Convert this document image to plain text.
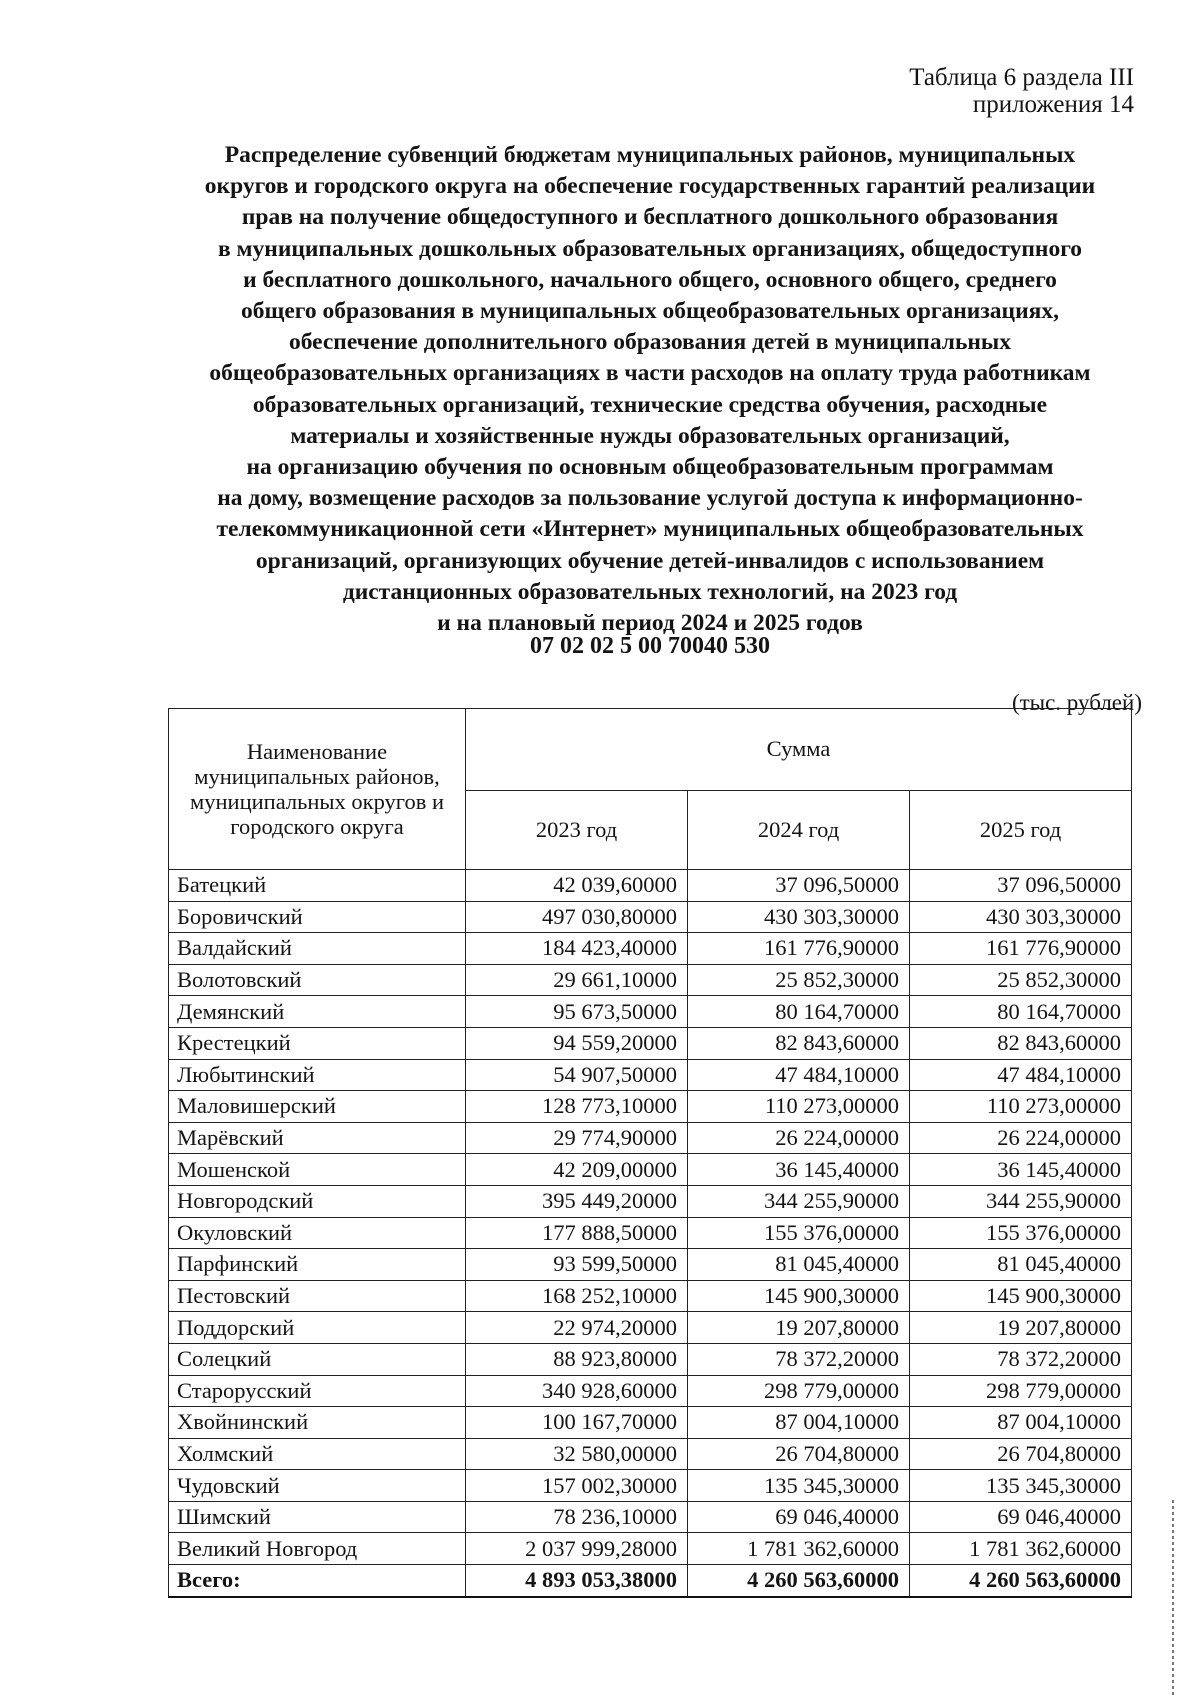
Таблица 6 раздела III
приложения 14
Распределение субвенций бюджетам муниципальных районов, муниципальных
округов и городского округа на обеспечение государственных гарантий реализации
прав на получение общедоступного и бесплатного дошкольного образования
в муниципальных дошкольных образовательных организациях, общедоступного
и бесплатного дошкольного, начального общего, основного общего, среднего
общего образования в муниципальных общеобразовательных организациях,
обеспечение дополнительного образования детей в муниципальных
общеобразовательных организациях в части расходов на оплату труда работникам
образовательных организаций, технические средства обучения, расходные
материалы и хозяйственные нужды образовательных организаций,
на организацию обучения по основным общеобразовательным программам
на дому, возмещение расходов за пользование услугой доступа к информационно-
телекоммуникационной сети «Интернет» муниципальных общеобразовательных
организаций, организующих обучение детей-инвалидов с использованием
дистанционных образовательных технологий, на 2023 год
и на плановый период 2024 и 2025 годов
07 02 02 5 00 70040 530
(тыс. рублей)
Наименование муниципальных районов, муниципальных округов и городского округа	Сумма		
	2023 год	2024 год	2025 год
Батецкий	42 039,60000	37 096,50000	37 096,50000
Боровичский	497 030,80000	430 303,30000	430 303,30000
Валдайский	184 423,40000	161 776,90000	161 776,90000
Волотовский	29 661,10000	25 852,30000	25 852,30000
Демянский	95 673,50000	80 164,70000	80 164,70000
Крестецкий	94 559,20000	82 843,60000	82 843,60000
Любытинский	54 907,50000	47 484,10000	47 484,10000
Маловишерский	128 773,10000	110 273,00000	110 273,00000
Марёвский	29 774,90000	26 224,00000	26 224,00000
Мошенской	42 209,00000	36 145,40000	36 145,40000
Новгородский	395 449,20000	344 255,90000	344 255,90000
Окуловский	177 888,50000	155 376,00000	155 376,00000
Парфинский	93 599,50000	81 045,40000	81 045,40000
Пестовский	168 252,10000	145 900,30000	145 900,30000
Поддорский	22 974,20000	19 207,80000	19 207,80000
Солецкий	88 923,80000	78 372,20000	78 372,20000
Старорусский	340 928,60000	298 779,00000	298 779,00000
Хвойнинский	100 167,70000	87 004,10000	87 004,10000
Холмский	32 580,00000	26 704,80000	26 704,80000
Чудовский	157 002,30000	135 345,30000	135 345,30000
Шимский	78 236,10000	69 046,40000	69 046,40000
Великий Новгород	2 037 999,28000	1 781 362,60000	1 781 362,60000
Всего:	4 893 053,38000	4 260 563,60000	4 260 563,60000
